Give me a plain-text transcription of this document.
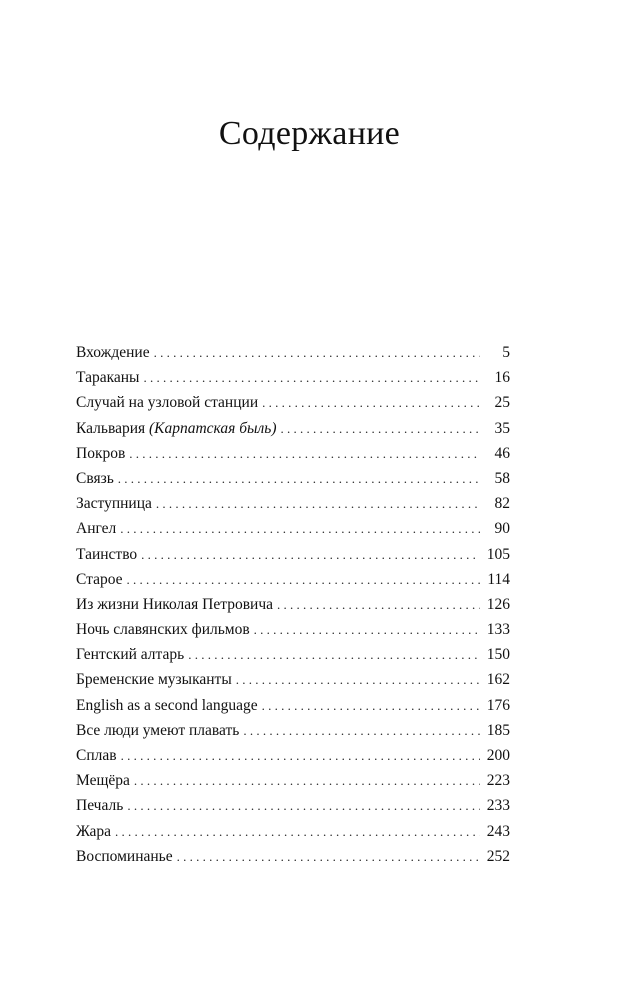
Содержание
Вхождение . . .	5
Тараканы . . .	16
Случай на узловой станции . . .	25
Кальвария (Карпатская быль) . . .	35
Покров . . .	46
Связь . . .	58
Заступница . . .	82
Ангел . . .	90
Таинство . . .	105
Старое . . .	114
Из жизни Николая Петровича . . .	126
Ночь славянских фильмов . . .	133
Гентский алтарь . . .	150
Бременские музыканты . . .	162
English as a second language . . .	176
Все люди умеют плавать . . .	185
Сплав . . .	200
Мещёра . . .	223
Печаль . . .	233
Жара . . .	243
Воспоминанье . . .	252
